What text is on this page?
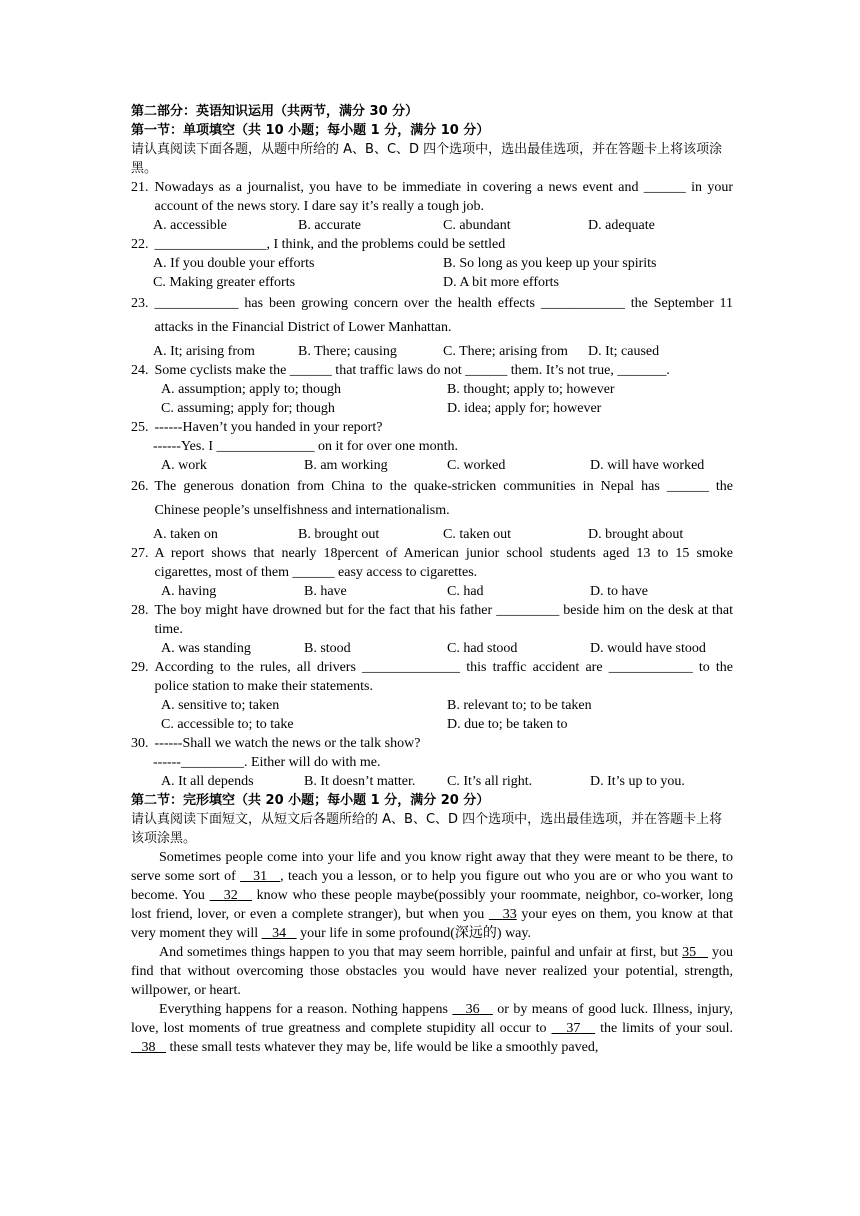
第二部分：英语知识运用（共两节，满分 30 分）
第一节：单项填空（共 10 小题；每小题 1 分，满分 10 分）
请认真阅读下面各题，从题中所给的 A、B、C、D 四个选项中，选出最佳选项，并在答题卡上将该项涂黑。
21. Nowadays as a journalist, you have to be immediate in covering a news event and ______ in your account of the news story. I dare say it’s really a tough job.
A. accessible	B. accurate	C. abundant	D. adequate
22. ________________, I think, and the problems could be settled
A. If you double your efforts	B. So long as you keep up your spirits
C. Making greater efforts	D. A bit more efforts
23. ____________ has been growing concern over the health effects ____________ the September 11 attacks in the Financial District of Lower Manhattan.
A. It; arising from	B. There; causing	C. There; arising from	D. It; caused
24. Some cyclists make the ______ that traffic laws do not ______ them. It’s not true, _______.
A. assumption; apply to; though	B. thought; apply to; however
C. assuming; apply for; though	D. idea; apply for; however
25. ------Haven’t you handed in your report?
------Yes. I ______________ on it for over one month.
A. work	B. am working	C. worked	D. will have worked
26. The generous donation from China to the quake-stricken communities in Nepal has ______ the Chinese people’s unselfishness and internationalism.
A. taken on	B. brought out	C. taken out	D. brought about
27. A report shows that nearly 18percent of American junior school students aged 13 to 15 smoke cigarettes, most of them ______ easy access to cigarettes.
A. having	B. have	C. had	D. to have
28. The boy might have drowned but for the fact that his father _________ beside him on the desk at that time.
A. was standing	B. stood	C. had stood	D. would have stood
29. According to the rules, all drivers ______________ this traffic accident are ____________ to the police station to make their statements.
A. sensitive to; taken	B. relevant to; to be taken
C. accessible to; to take	D. due to; be taken to
30. ------Shall we watch the news or the talk show?
------_________. Either will do with me.
A. It all depends	B. It doesn’t matter.	C. It’s all right.	D. It’s up to you.
第二节：完形填空（共 20 小题；每小题 1 分，满分 20 分）
请认真阅读下面短文，从短文后各题所给的 A、B、C、D 四个选项中，选出最佳选项，并在答题卡上将该项涂黑。

Sometimes people come into your life and you know right away that they were meant to be there, to serve some sort of    31 , teach you a lesson, or to help you figure out who you are or who you want to become. You    32    know who these people maybe(possibly your roommate, neighbor, co-worker, long lost friend, lover, or even a complete stranger), but when you    33 your eyes on them, you know at that very moment they will    34    your life in some profound(深远的) way.

And sometimes things happen to you that may seem horrible, painful and unfair at first, but 35    you find that without overcoming those obstacles you would have never realized your potential, strength, willpower, or heart.

Everything happens for a reason. Nothing happens    36    or by means of good luck. Illness, injury, love, lost moments of true greatness and complete stupidity all occur to    37    the limits of your soul.    38    these small tests whatever they may be, life would be like a smoothly paved,
